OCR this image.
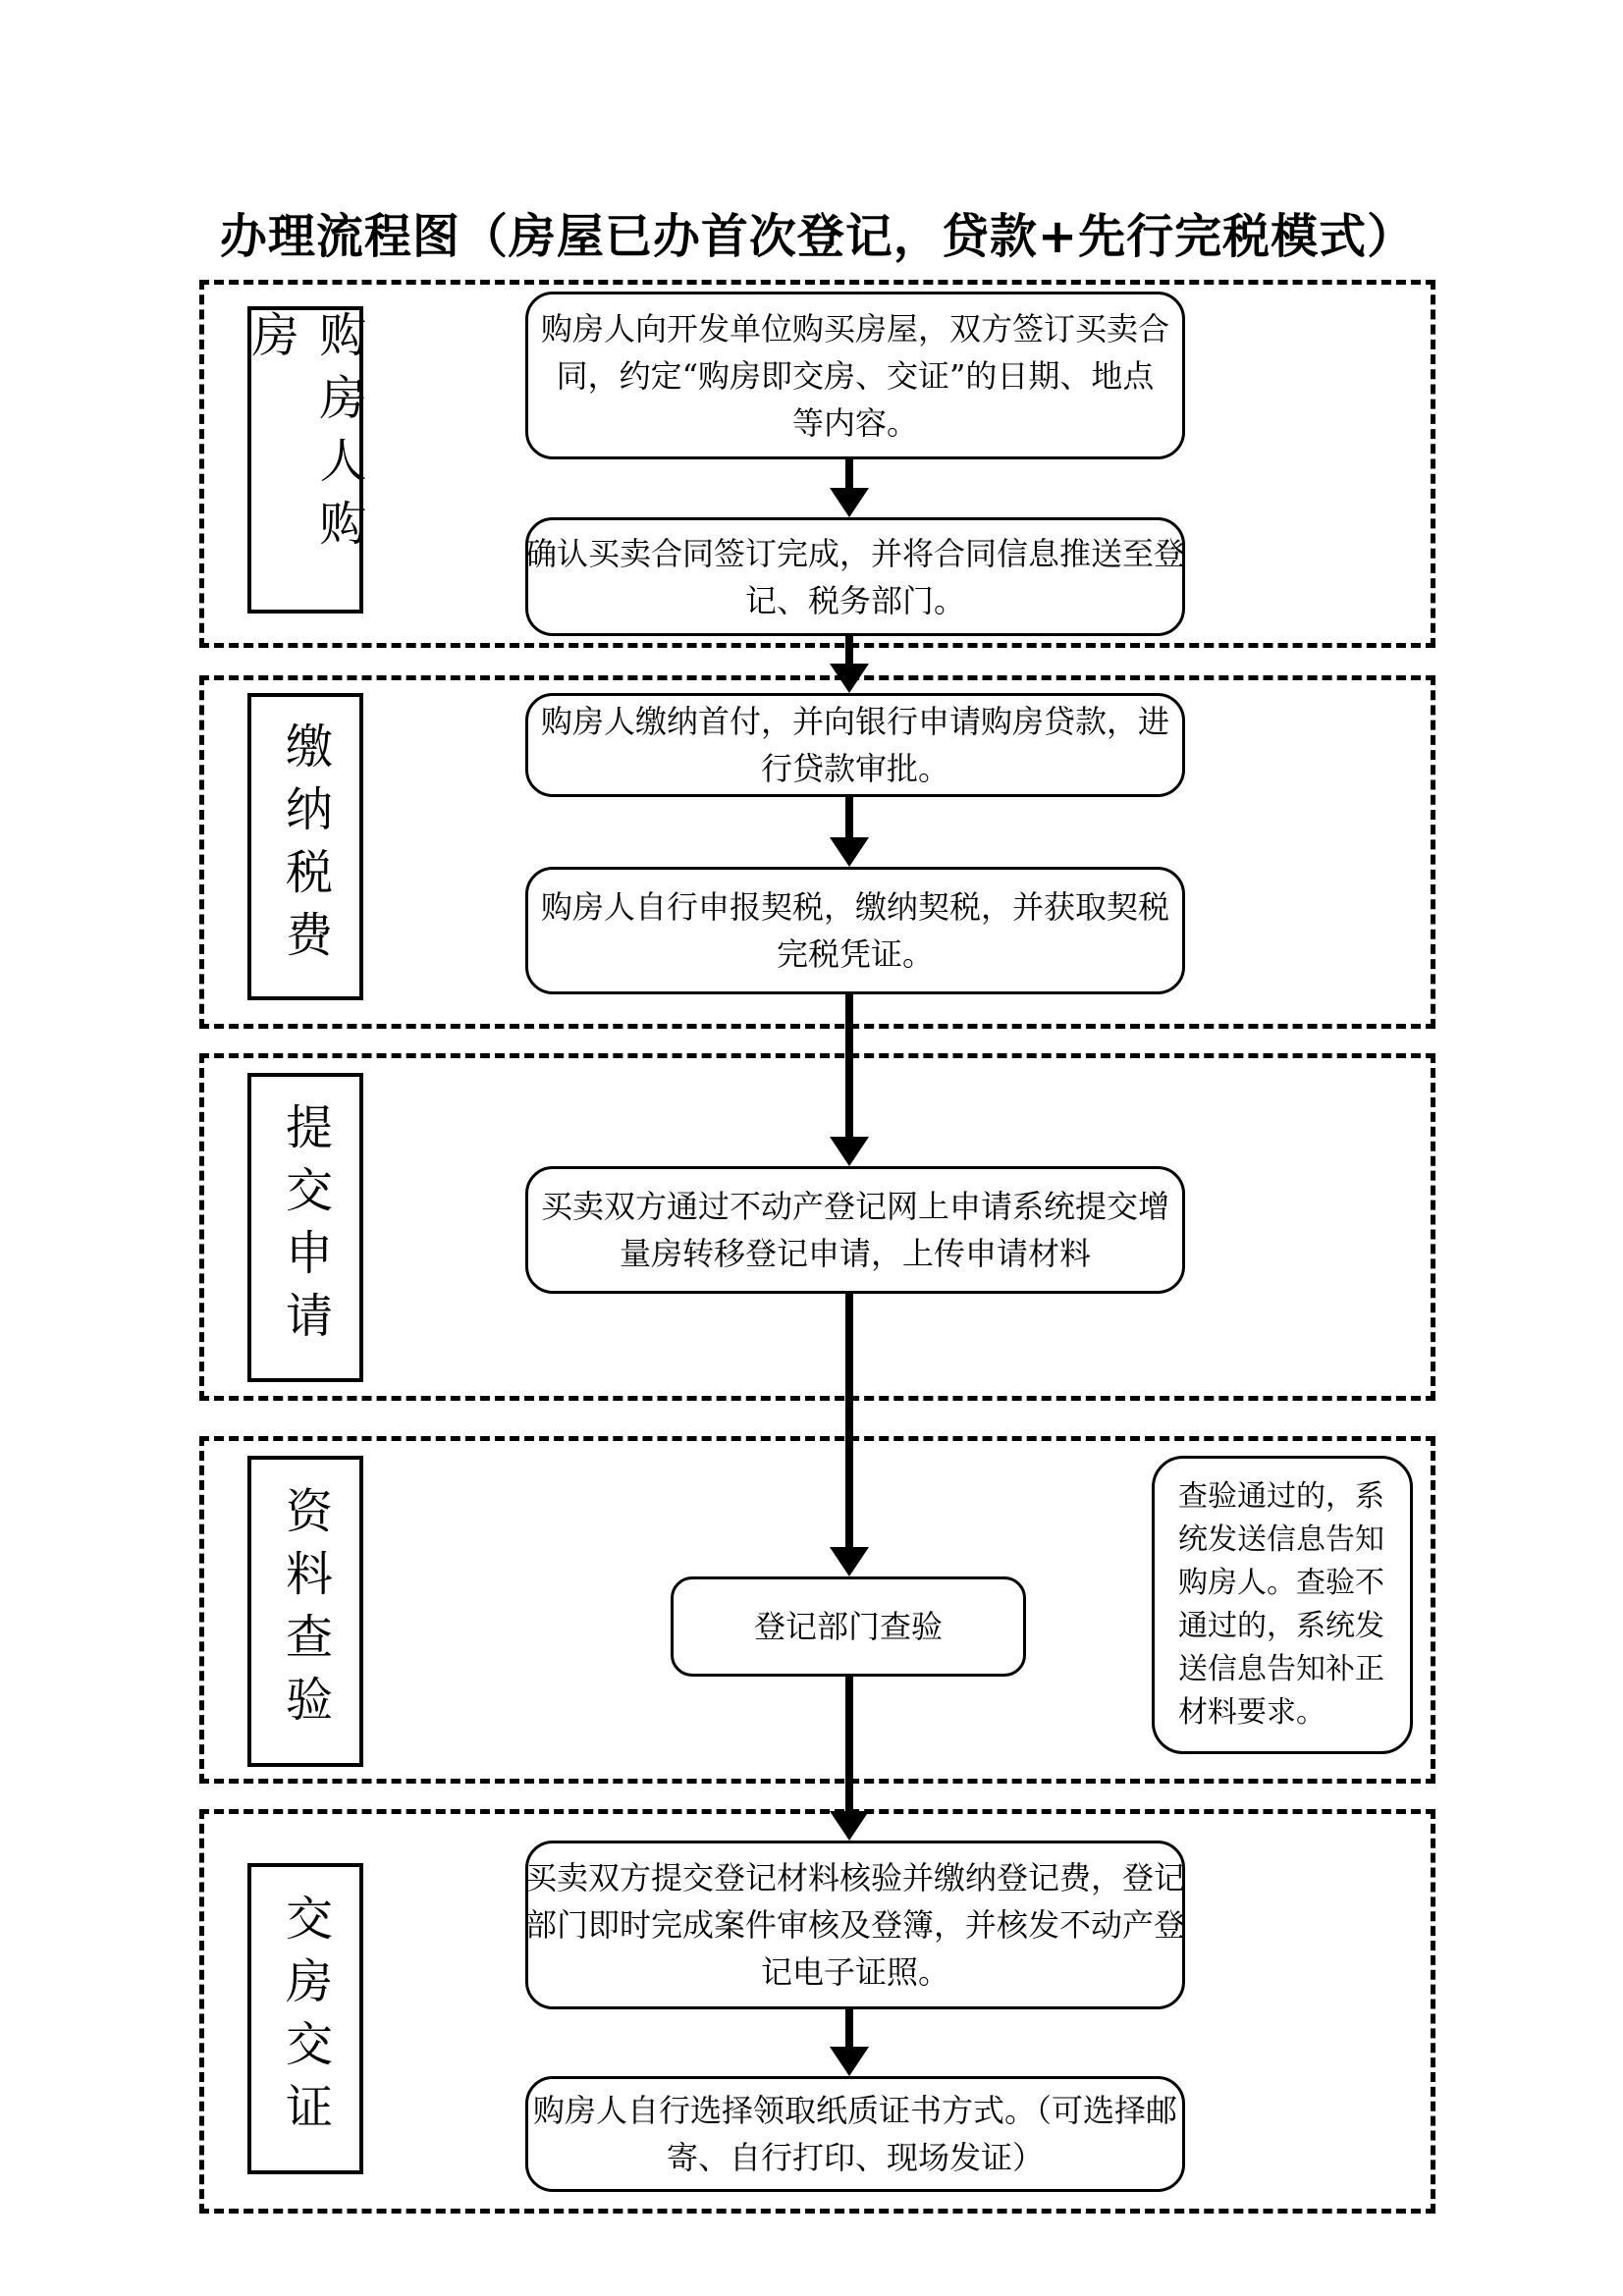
办理流程图（房屋已办首次登记，贷款+先行完税模式）
购房人购房
缴纳税费
提交申请
资料查验
交房交证
购房人向开发单位购买房屋，双方签订买卖合
同，约定“购房即交房、交证”的日期、地点
等内容。
确认买卖合同签订完成，并将合同信息推送至登
记、税务部门。
购房人缴纳首付，并向银行申请购房贷款，进
行贷款审批。
购房人自行申报契税，缴纳契税，并获取契税
完税凭证。
买卖双方通过不动产登记网上申请系统提交增
量房转移登记申请，上传申请材料
登记部门查验
买卖双方提交登记材料核验并缴纳登记费，登记
部门即时完成案件审核及登簿，并核发不动产登
记电子证照。
购房人自行选择领取纸质证书方式。（可选择邮
寄、自行打印、现场发证）
查验通过的，系
统发送信息告知
购房人。查验不
通过的，系统发
送信息告知补正
材料要求。
